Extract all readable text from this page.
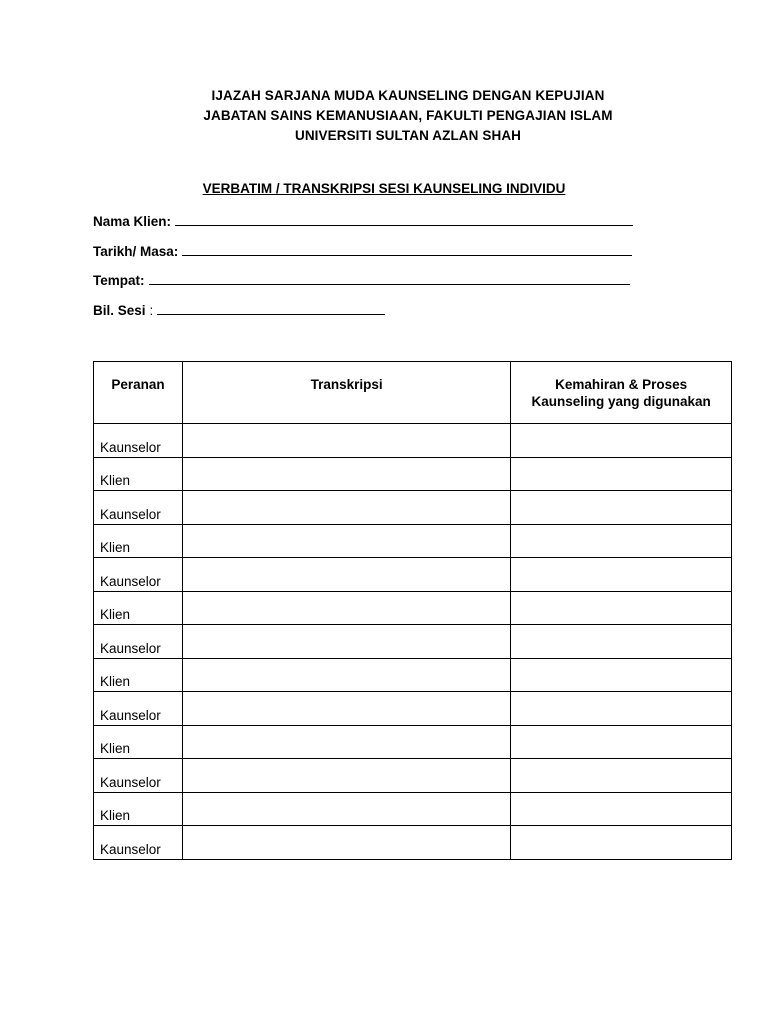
IJAZAH SARJANA MUDA KAUNSELING DENGAN KEPUJIAN
JABATAN SAINS KEMANUSIAAN, FAKULTI PENGAJIAN ISLAM
UNIVERSITI SULTAN AZLAN SHAH
VERBATIM / TRANSKRIPSI SESI KAUNSELING INDIVIDU
Nama Klien:
Tarikh/ Masa:
Tempat:
Bil. Sesi :
Peranan	Transkripsi	Kemahiran & Proses
Kaunseling yang digunakan

Kaunselor		
Klien		
Kaunselor		
Klien		
Kaunselor		
Klien		
Kaunselor		
Klien		
Kaunselor		
Klien		
Kaunselor		
Klien		
Kaunselor		
